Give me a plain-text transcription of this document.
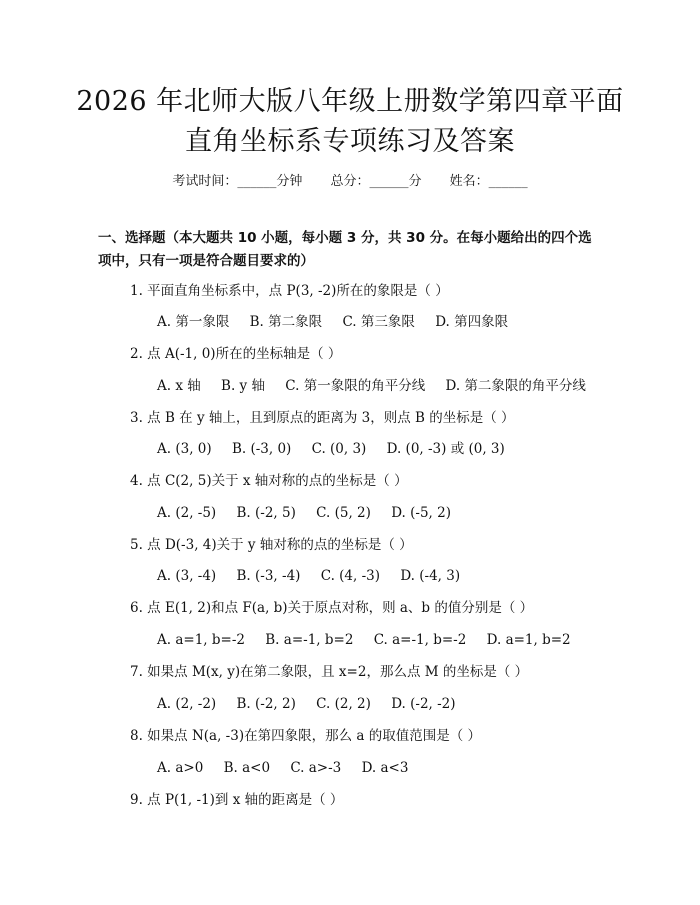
2026 年北师大版八年级上册数学第四章平面
直角坐标系专项练习及答案
考试时间：______分钟 总分：______分 姓名：______
一、选择题（本大题共 10 小题，每小题 3 分，共 30 分。在每小题给出的四个选
项中，只有一项是符合题目要求的）
1. 平面直角坐标系中，点 P(3, -2)所在的象限是（ ）
A. 第一象限 B. 第二象限 C. 第三象限 D. 第四象限
2. 点 A(-1, 0)所在的坐标轴是（ ）
A. x 轴 B. y 轴 C. 第一象限的角平分线 D. 第二象限的角平分线
3. 点 B 在 y 轴上，且到原点的距离为 3，则点 B 的坐标是（ ）
A. (3, 0) B. (-3, 0) C. (0, 3) D. (0, -3) 或 (0, 3)
4. 点 C(2, 5)关于 x 轴对称的点的坐标是（ ）
A. (2, -5) B. (-2, 5) C. (5, 2) D. (-5, 2)
5. 点 D(-3, 4)关于 y 轴对称的点的坐标是（ ）
A. (3, -4) B. (-3, -4) C. (4, -3) D. (-4, 3)
6. 点 E(1, 2)和点 F(a, b)关于原点对称，则 a、b 的值分别是（ ）
A. a=1, b=-2 B. a=-1, b=2 C. a=-1, b=-2 D. a=1, b=2
7. 如果点 M(x, y)在第二象限，且 x=2，那么点 M 的坐标是（ ）
A. (2, -2) B. (-2, 2) C. (2, 2) D. (-2, -2)
8. 如果点 N(a, -3)在第四象限，那么 a 的取值范围是（ ）
A. a>0 B. a<0 C. a>-3 D. a<3
9. 点 P(1, -1)到 x 轴的距离是（ ）
